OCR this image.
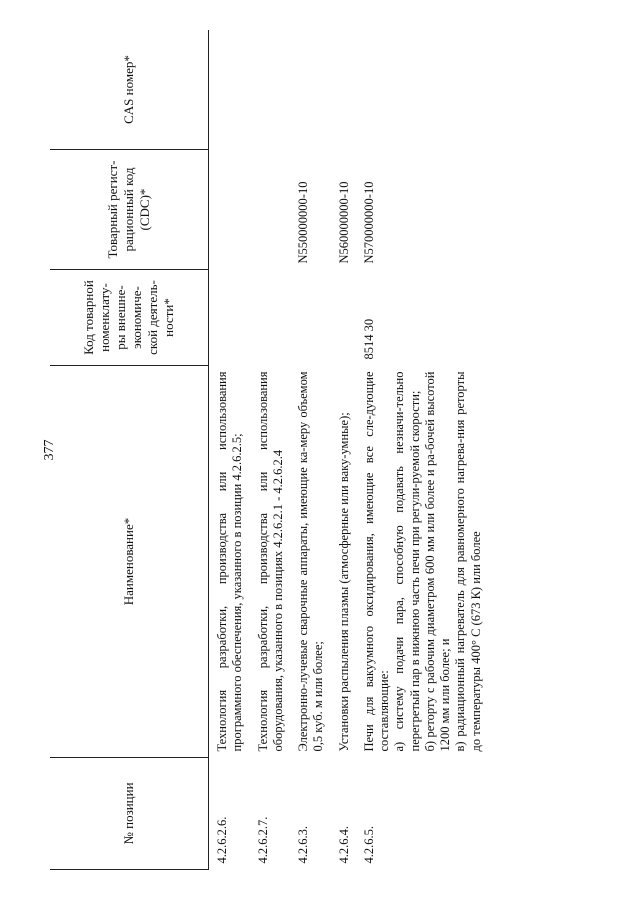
377
№ позиции	Наименование*	Код товарной номенклату-ры внешне-экономиче-ской деятель-ности*	Товарный регист-рационный код (CDC)*	CAS номер*
4.2.6.2.6.	Технология разработки, производства или использования программного обеспечения, указанного в позиции 4.2.6.2.5;			
4.2.6.2.7.	Технология разработки, производства или использования оборудования, указанного в позициях 4.2.6.2.1 - 4.2.6.2.4			
4.2.6.3.	Электронно-лучевые сварочные аппараты, имеющие ка-меру объемом 0,5 куб. м или более;		N550000000-10	
4.2.6.4.	Установки распыления плазмы (атмосферные или ваку-умные);		N560000000-10	
4.2.6.5.	Печи для вакуумного оксидирования, имеющие все сле-дующие составляющие: а) систему подачи пара, способную подавать незначи-тельно перегретый пар в нижнюю часть печи при регули-руемой скорости; б) реторту с рабочим диаметром 600 мм или более и ра-бочей высотой 1200 мм или более; и в) радиационный нагреватель для равномерного нагрева-ния реторты до температуры 400° С (673 К) или более	8514 30	N570000000-10	
